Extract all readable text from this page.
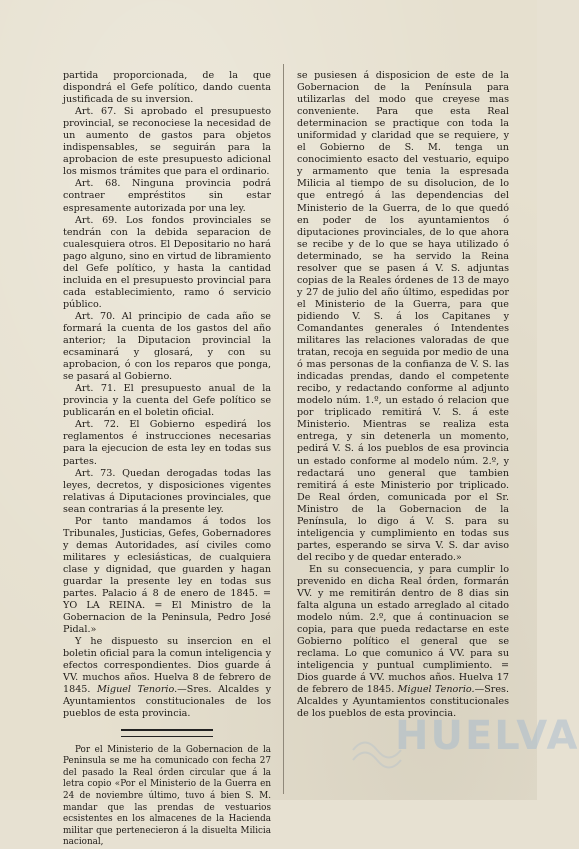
partida proporcionada, de la que dispondrá el Gefe político, dando cuenta justificada de su inversion.

Art. 67. Si aprobado el presupuesto provincial, se reconociese la necesidad de un aumento de gastos para objetos indispensables, se seguirán para la aprobacion de este presupuesto adicional los mismos trámites que para el ordinario.

Art. 68. Ninguna provincia podrá contraer empréstitos sin estar espresamente autorizada por una ley.

Art. 69. Los fondos provinciales se tendrán con la debida separacion de cualesquiera otros. El Depositario no hará pago alguno, sino en virtud de libramiento del Gefe político, y hasta la cantidad incluida en el presupuesto provincial para cada establecimiento, ramo ó servicio público.

Art. 70. Al principio de cada año se formará la cuenta de los gastos del año anterior; la Diputacion provincial la ecsaminará y glosará, y con su aprobacion, ó con los reparos que ponga, se pasará al Gobierno.

Art. 71. El presupuesto anual de la provincia y la cuenta del Gefe político se publicarán en el boletin oficial.

Art. 72. El Gobierno espedirá los reglamentos é instrucciones necesarias para la ejecucion de esta ley en todas sus partes.

Art. 73. Quedan derogadas todas las leyes, decretos, y disposiciones vigentes relativas á Diputaciones provinciales, que sean contrarias á la presente ley.

Por tanto mandamos á todos los Tribunales, Justicias, Gefes, Gobernadores y demas Autoridades, así civiles como militares y eclesiásticas, de cualquiera clase y dignidad, que guarden y hagan guardar la presente ley en todas sus partes. Palacio á 8 de enero de 1845. = YO LA REINA. = El Ministro de la Gobernacion de la Peninsula, Pedro José Pidal.»

Y he dispuesto su insercion en el boletin oficial para la comun inteligencia y efectos correspondientes. Dios guarde á VV. muchos años. Huelva 8 de febrero de 1845. Miguel Tenorio.—Sres. Alcaldes y Ayuntamientos constitucionales de los pueblos de esta provincia.

Por el Ministerio de la Gobernacion de la Peninsula se me ha comunicado con fecha 27 del pasado la Real órden circular que á la letra copio «Por el Ministerio de la Guerra en 24 de noviembre último, tuvo á bien S. M. mandar que las prendas de vestuarios ecsistentes en los almacenes de la Hacienda militar que pertenecieron á la disuelta Milicia nacional,

se pusiesen á disposicion de este de la Gobernacion de la Península para utilizarlas del modo que creyese mas conveniente. Para que esta Real determinacion se practique con toda la uniformidad y claridad que se requiere, y el Gobierno de S. M. tenga un conocimiento esacto del vestuario, equipo y armamento que tenia la espresada Milicia al tiempo de su disolucion, de lo que entregó á las dependencias del Ministerio de la Guerra, de lo que quedó en poder de los ayuntamientos ó diputaciones provinciales, de lo que ahora se recibe y de lo que se haya utilizado ó determinado, se ha servido la Reina resolver que se pasen á V. S. adjuntas copias de la Reales órdenes de 13 de mayo y 27 de julio del año último, espedidas por el Ministerio de la Guerra, para que pidiendo V. S. á los Capitanes y Comandantes generales ó Intendentes militares las relaciones valoradas de que tratan, recoja en seguida por medio de una ó mas personas de la confianza de V. S. las indicadas prendas, dando el competente recibo, y redactando conforme al adjunto modelo núm. 1.º, un estado ó relacion que por triplicado remitirá V. S. á este Ministerio. Mientras se realiza esta entrega, y sin detenerla un momento, pedirá V. S. á los pueblos de esa provincia un estado conforme al modelo núm. 2.º, y redactará uno general que tambien remitirá á este Ministerio por triplicado. De Real órden, comunicada por el Sr. Ministro de la Gobernacion de la Península, lo digo á V. S. para su inteligencia y cumplimiento en todas sus partes, esperando se sirva V. S. dar aviso del recibo y de quedar enterado.»

En su consecuencia, y para cumplir lo prevenido en dicha Real órden, formarán VV. y me remitirán dentro de 8 dias sin falta alguna un estado arreglado al citado modelo núm. 2.º, que á continuacion se copia, para que pueda redactarse en este Gobierno político el general que se reclama. Lo que comunico á VV. para su inteligencia y puntual cumplimiento. = Dios guarde á VV. muchos años. Huelva 17 de febrero de 1845. Miguel Tenorio.—Sres. Alcaldes y Ayuntamientos constitucionales de los pueblos de esta provincia.

HUELVA
